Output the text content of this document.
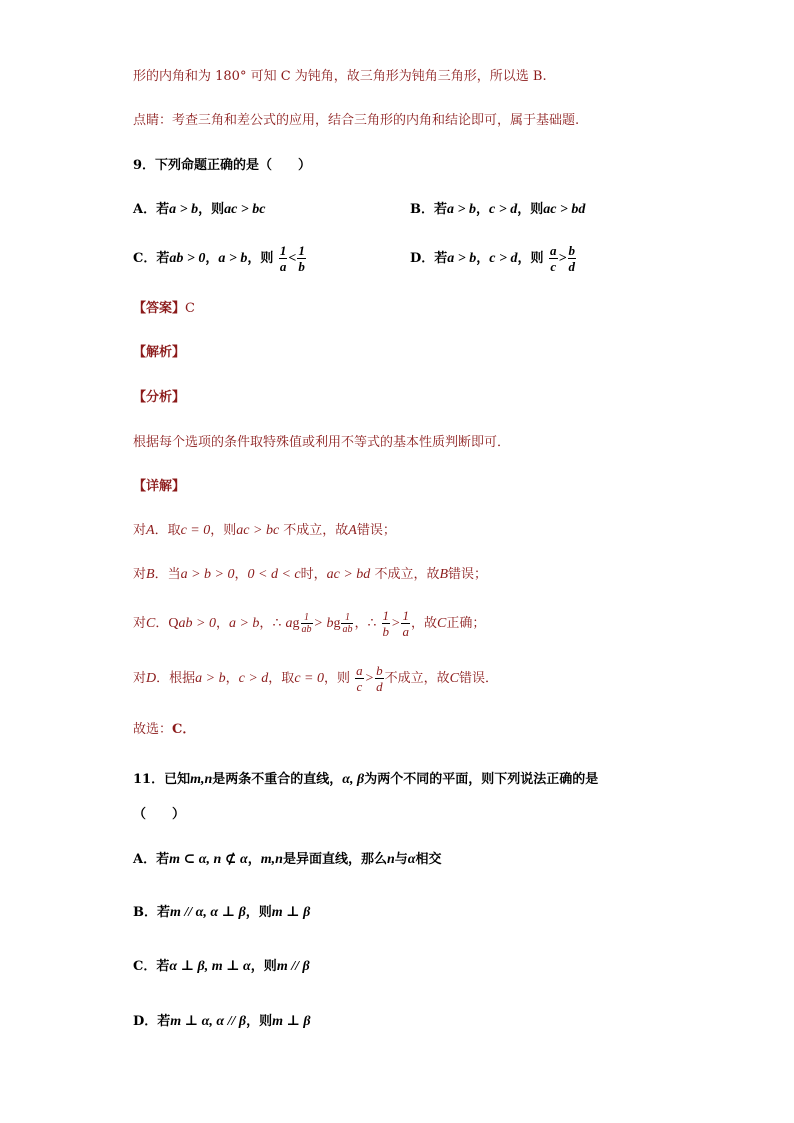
形的内角和为 180° 可知 C 为钝角，故三角形为钝角三角形，所以选 B.
点睛：考查三角和差公式的应用，结合三角形的内角和结论即可，属于基础题.
9．下列命题正确的是（　　）
A．若a > b，则ac > bc	B．若a > b，c > d，则ac > bd
C．若ab > 0，a > b，则 $\frac{1}{a} < \frac{1}{b}$	D．若a > b，c > d，则 $\frac{a}{c} > \frac{b}{d}$
【答案】C
【解析】
【分析】
根据每个选项的条件取特殊值或利用不等式的基本性质判断即可．
【详解】
对A．取c = 0，则ac > bc 不成立，故A错误；
对B．当a > b > 0，0 < d < c时，ac > bd 不成立，故B错误；
对C．Qab > 0，a > b，∴ ag $\frac{1}{ab}$ > bg $\frac{1}{ab}$ ，∴ $\frac{1}{b} > \frac{1}{a}$ ，故C正确；
对D．根据a > b，c > d，取c = 0，则 $\frac{a}{c} > \frac{b}{d}$ 不成立，故C错误．
故选：C．
11．已知m,n是两条不重合的直线，α, β为两个不同的平面，则下列说法正确的是
（　　）
A．若m ⊂ α, n ⊄ α，m,n是异面直线，那么n与α相交
B．若m // α, α ⊥ β，则m ⊥ β
C．若α ⊥ β, m ⊥ α，则m // β
D．若m ⊥ α, α // β，则m ⊥ β
